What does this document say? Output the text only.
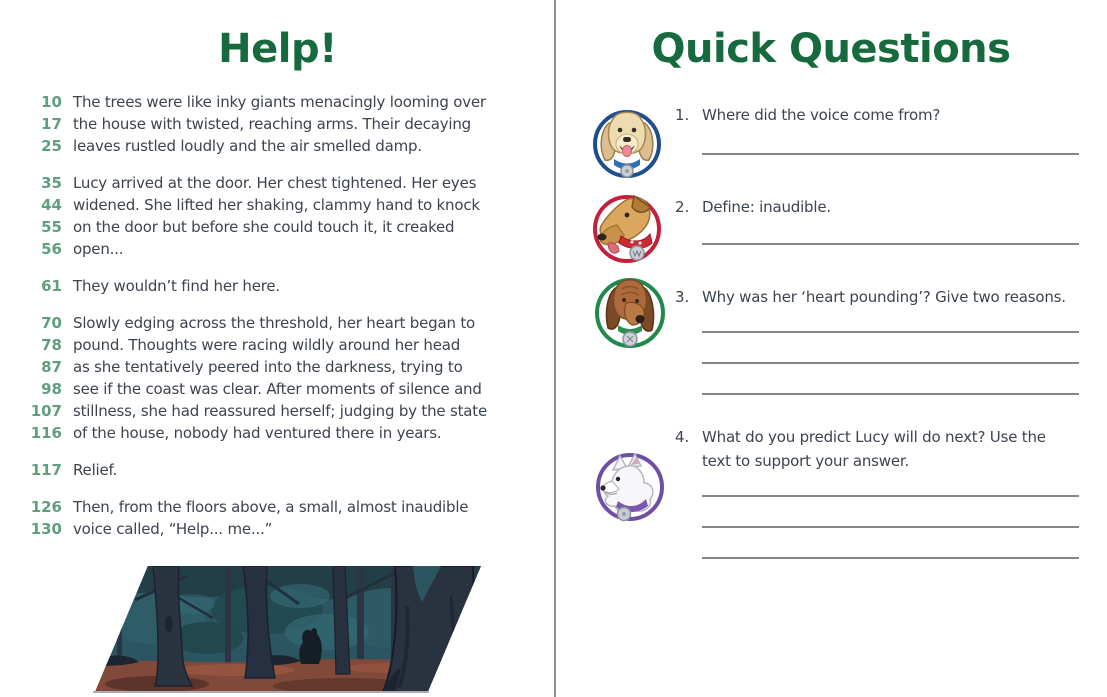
Help!
10 The trees were like inky giants menacingly looming over
17 the house with twisted, reaching arms. Their decaying
25 leaves rustled loudly and the air smelled damp.
35 Lucy arrived at the door. Her chest tightened. Her eyes
44 widened. She lifted her shaking, clammy hand to knock
55 on the door but before she could touch it, it creaked
56 open...
61 They wouldn’t find her here.
70 Slowly edging across the threshold, her heart began to
78 pound. Thoughts were racing wildly around her head
87 as she tentatively peered into the darkness, trying to
98 see if the coast was clear. After moments of silence and
107 stillness, she had reassured herself; judging by the state
116 of the house, nobody had ventured there in years.
117 Relief.
126 Then, from the floors above, a small, almost inaudible
130 voice called, “Help... me...”
Quick Questions
1. Where did the voice come from?
2. Define: inaudible.
3. Why was her ‘heart pounding’? Give two reasons.
4. What do you predict Lucy will do next? Use the text to support your answer.
